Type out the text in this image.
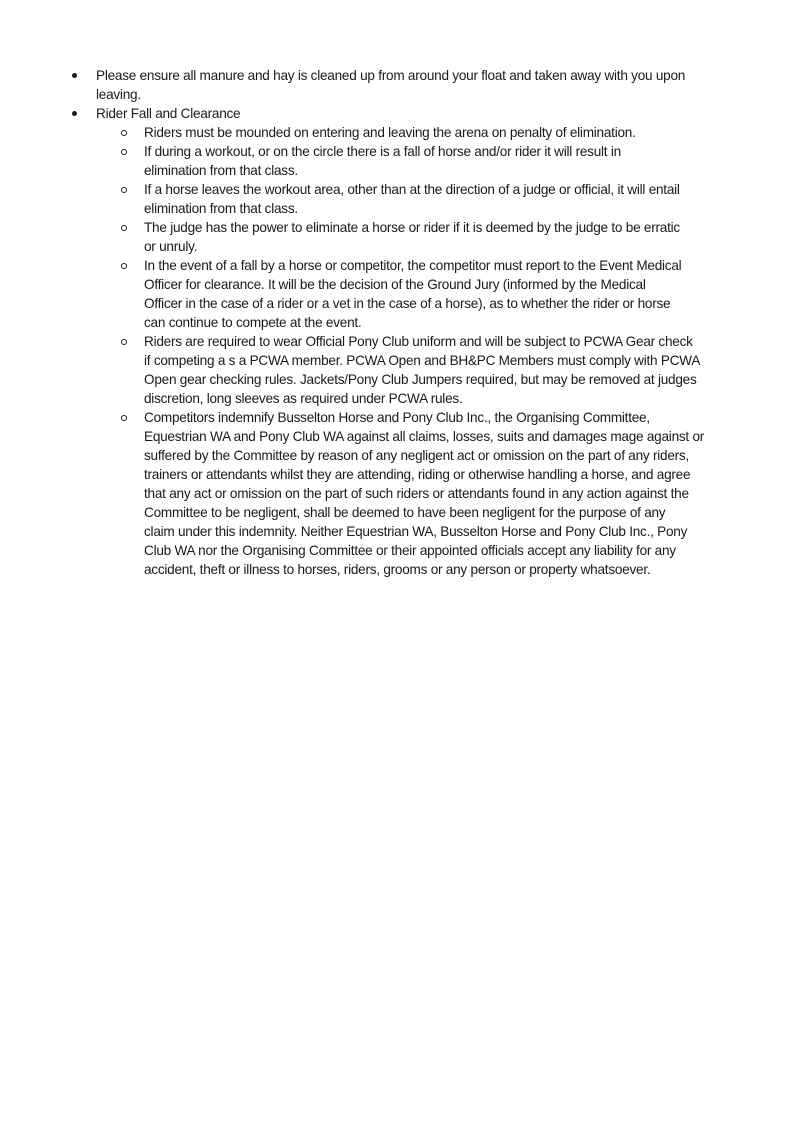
Please ensure all manure and hay is cleaned up from around your float and taken away with you upon
leaving.
Rider Fall and Clearance
Riders must be mounded on entering and leaving the arena on penalty of elimination.
If during a workout, or on the circle there is a fall of horse and/or rider it will result in
elimination from that class.
If a horse leaves the workout area, other than at the direction of a judge or official, it will entail
elimination from that class.
The judge has the power to eliminate a horse or rider if it is deemed by the judge to be erratic
or unruly.
In the event of a fall by a horse or competitor, the competitor must report to the Event Medical
Officer for clearance. It will be the decision of the Ground Jury (informed by the Medical
Officer in the case of a rider or a vet in the case of a horse), as to whether the rider or horse
can continue to compete at the event.
Riders are required to wear Official Pony Club uniform and will be subject to PCWA Gear check
if competing a s a PCWA member. PCWA Open and BH&PC Members must comply with PCWA
Open gear checking rules. Jackets/Pony Club Jumpers required, but may be removed at judges
discretion, long sleeves as required under PCWA rules.
Competitors indemnify Busselton Horse and Pony Club Inc., the Organising Committee,
Equestrian WA and Pony Club WA against all claims, losses, suits and damages mage against or
suffered by the Committee by reason of any negligent act or omission on the part of any riders,
trainers or attendants whilst they are attending, riding or otherwise handling a horse, and agree
that any act or omission on the part of such riders or attendants found in any action against the
Committee to be negligent, shall be deemed to have been negligent for the purpose of any
claim under this indemnity. Neither Equestrian WA, Busselton Horse and Pony Club Inc., Pony
Club WA nor the Organising Committee or their appointed officials accept any liability for any
accident, theft or illness to horses, riders, grooms or any person or property whatsoever.
